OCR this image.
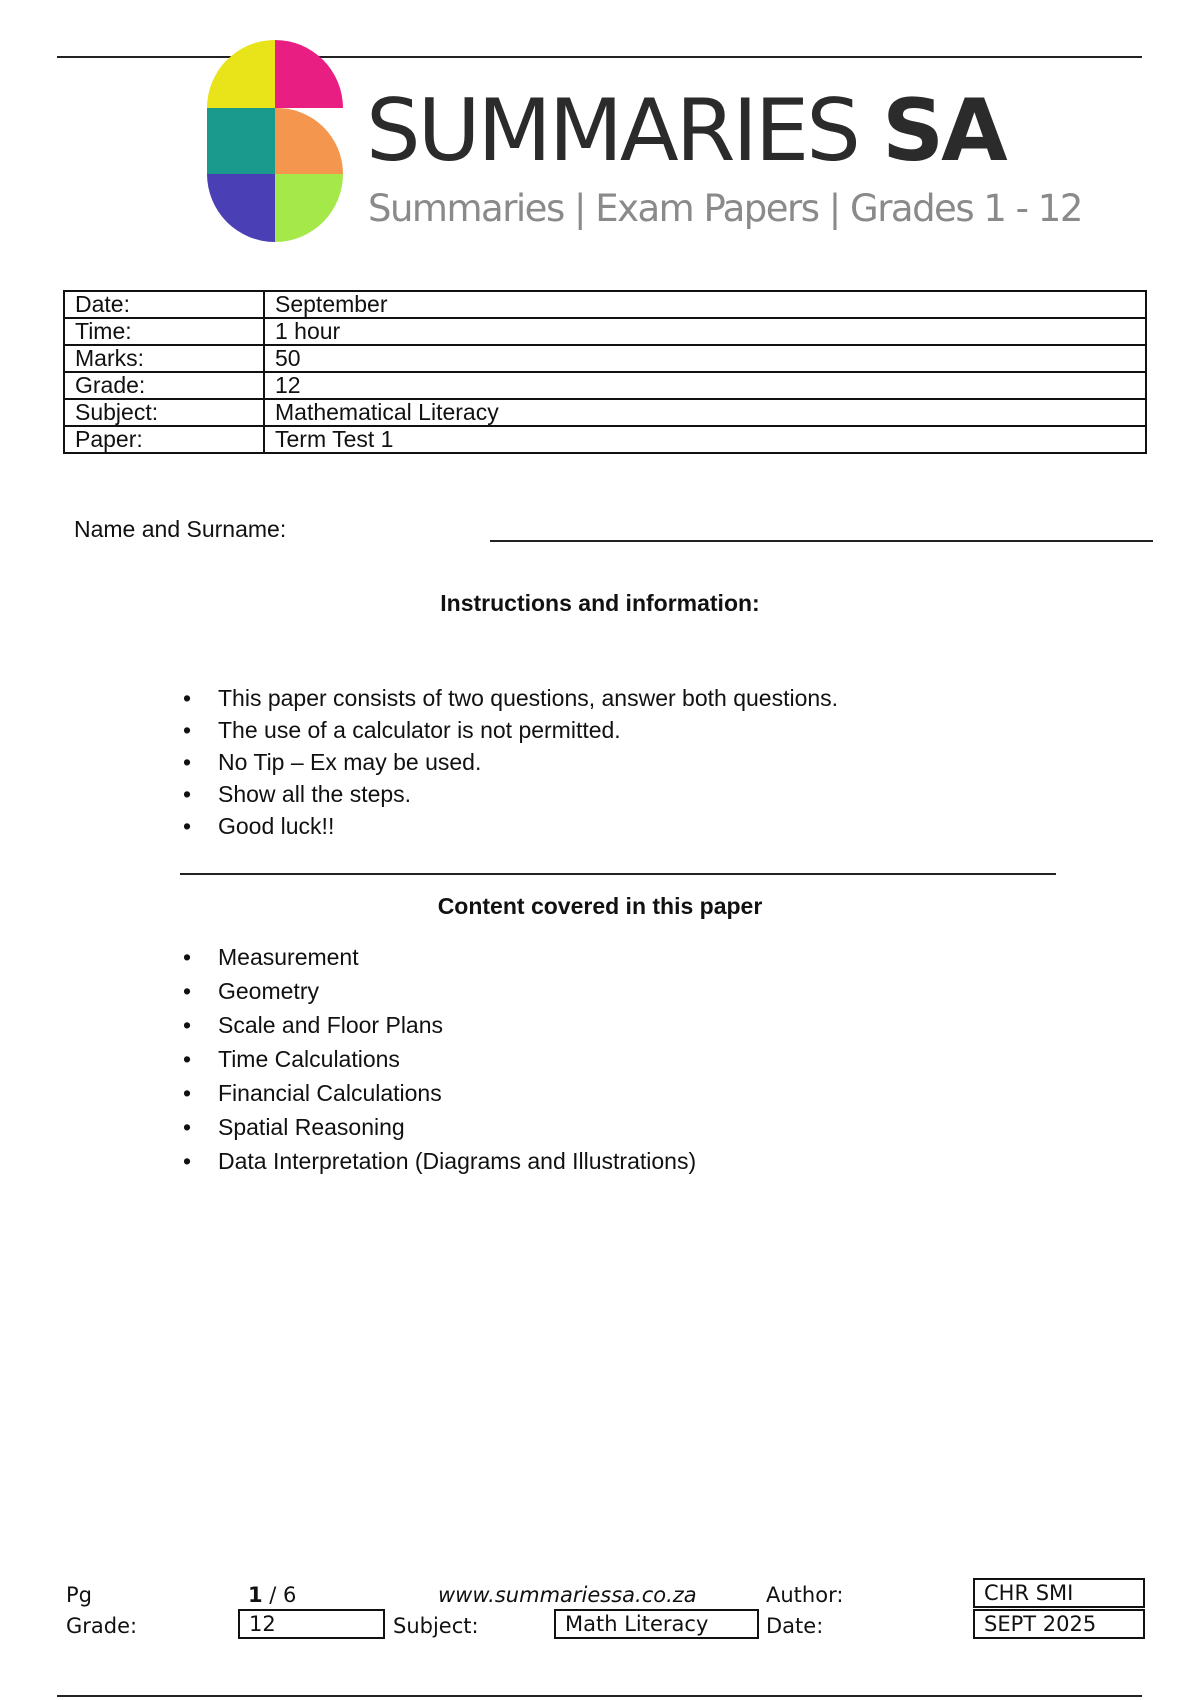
SUMMARIES SA
Summaries | Exam Papers | Grades 1 - 12
Date:	September
Time:	1 hour
Marks:	50
Grade:	12
Subject:	Mathematical Literacy
Paper:	Term Test 1
Name and Surname:
Instructions and information:
• This paper consists of two questions, answer both questions.
• The use of a calculator is not permitted.
• No Tip – Ex may be used.
• Show all the steps.
• Good luck!!
Content covered in this paper
• Measurement
• Geometry
• Scale and Floor Plans
• Time Calculations
• Financial Calculations
• Spatial Reasoning
• Data Interpretation (Diagrams and Illustrations)
Pg	1 / 6	www.summariessa.co.za	Author:	CHR SMI
Grade:	12	Subject:	Math Literacy	Date:	SEPT 2025
